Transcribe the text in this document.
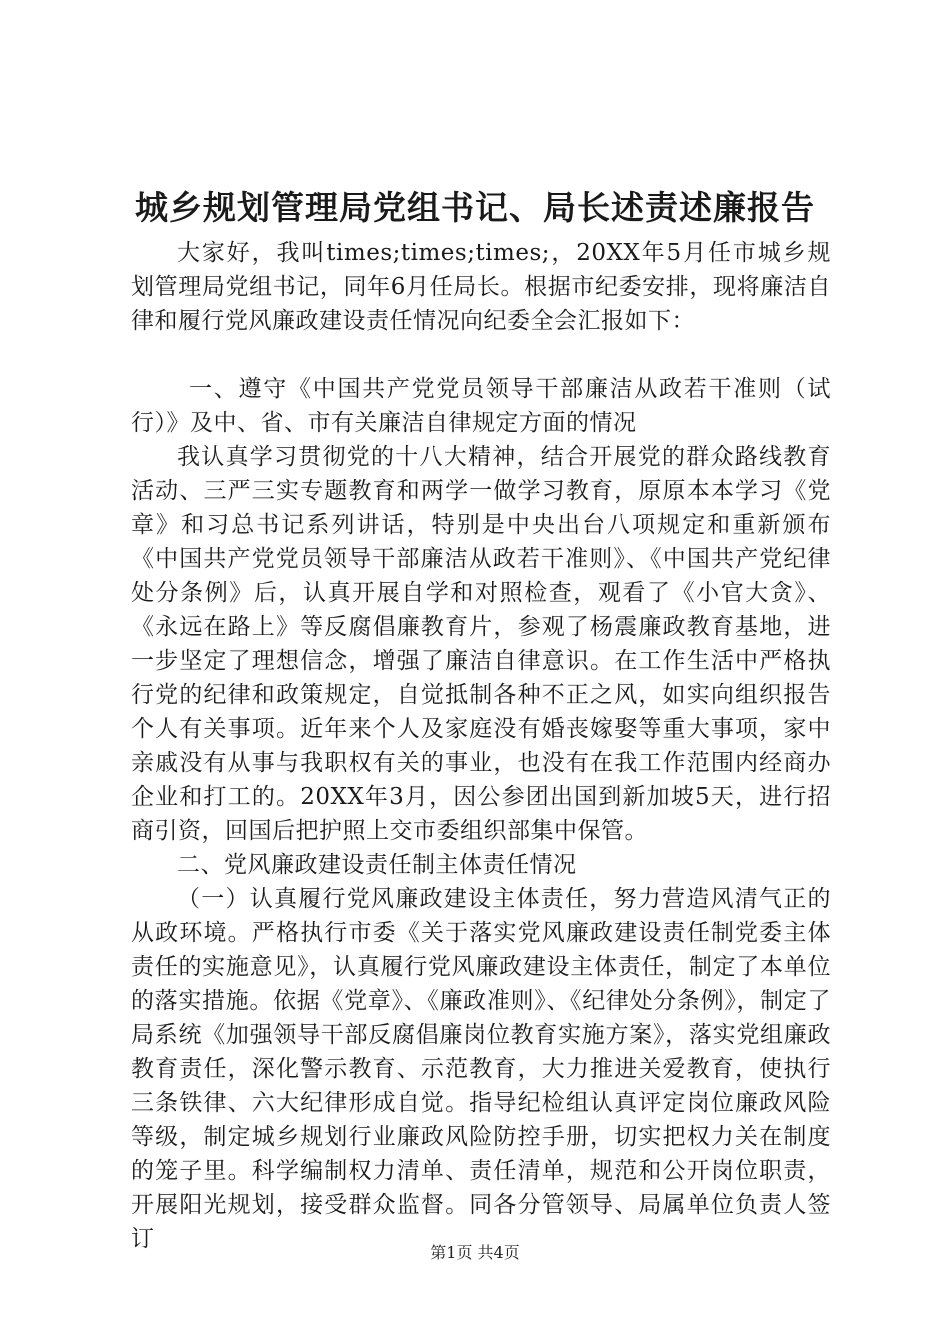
城乡规划管理局党组书记、局长述责述廉报告

大家好，我叫times;times;times;，20XX年5月任市城乡规划管理局党组书记，同年6月任局长。根据市纪委安排，现将廉洁自律和履行党风廉政建设责任情况向纪委全会汇报如下：

一、遵守《中国共产党党员领导干部廉洁从政若干准则（试行）》及中、省、市有关廉洁自律规定方面的情况

我认真学习贯彻党的十八大精神，结合开展党的群众路线教育活动、三严三实专题教育和两学一做学习教育，原原本本学习《党章》和习总书记系列讲话，特别是中央出台八项规定和重新颁布《中国共产党党员领导干部廉洁从政若干准则》、《中国共产党纪律处分条例》后，认真开展自学和对照检查，观看了《小官大贪》、《永远在路上》等反腐倡廉教育片，参观了杨震廉政教育基地，进一步坚定了理想信念，增强了廉洁自律意识。在工作生活中严格执行党的纪律和政策规定，自觉抵制各种不正之风，如实向组织报告个人有关事项。近年来个人及家庭没有婚丧嫁娶等重大事项，家中亲戚没有从事与我职权有关的事业，也没有在我工作范围内经商办企业和打工的。20XX年3月，因公参团出国到新加坡5天，进行招商引资，回国后把护照上交市委组织部集中保管。

二、党风廉政建设责任制主体责任情况

（一）认真履行党风廉政建设主体责任，努力营造风清气正的从政环境。严格执行市委《关于落实党风廉政建设责任制党委主体责任的实施意见》，认真履行党风廉政建设主体责任，制定了本单位的落实措施。依据《党章》、《廉政准则》、《纪律处分条例》，制定了局系统《加强领导干部反腐倡廉岗位教育实施方案》，落实党组廉政教育责任，深化警示教育、示范教育，大力推进关爱教育，使执行三条铁律、六大纪律形成自觉。指导纪检组认真评定岗位廉政风险等级，制定城乡规划行业廉政风险防控手册，切实把权力关在制度的笼子里。科学编制权力清单、责任清单，规范和公开岗位职责，开展阳光规划，接受群众监督。同各分管领导、局属单位负责人签订

第1页 共4页
